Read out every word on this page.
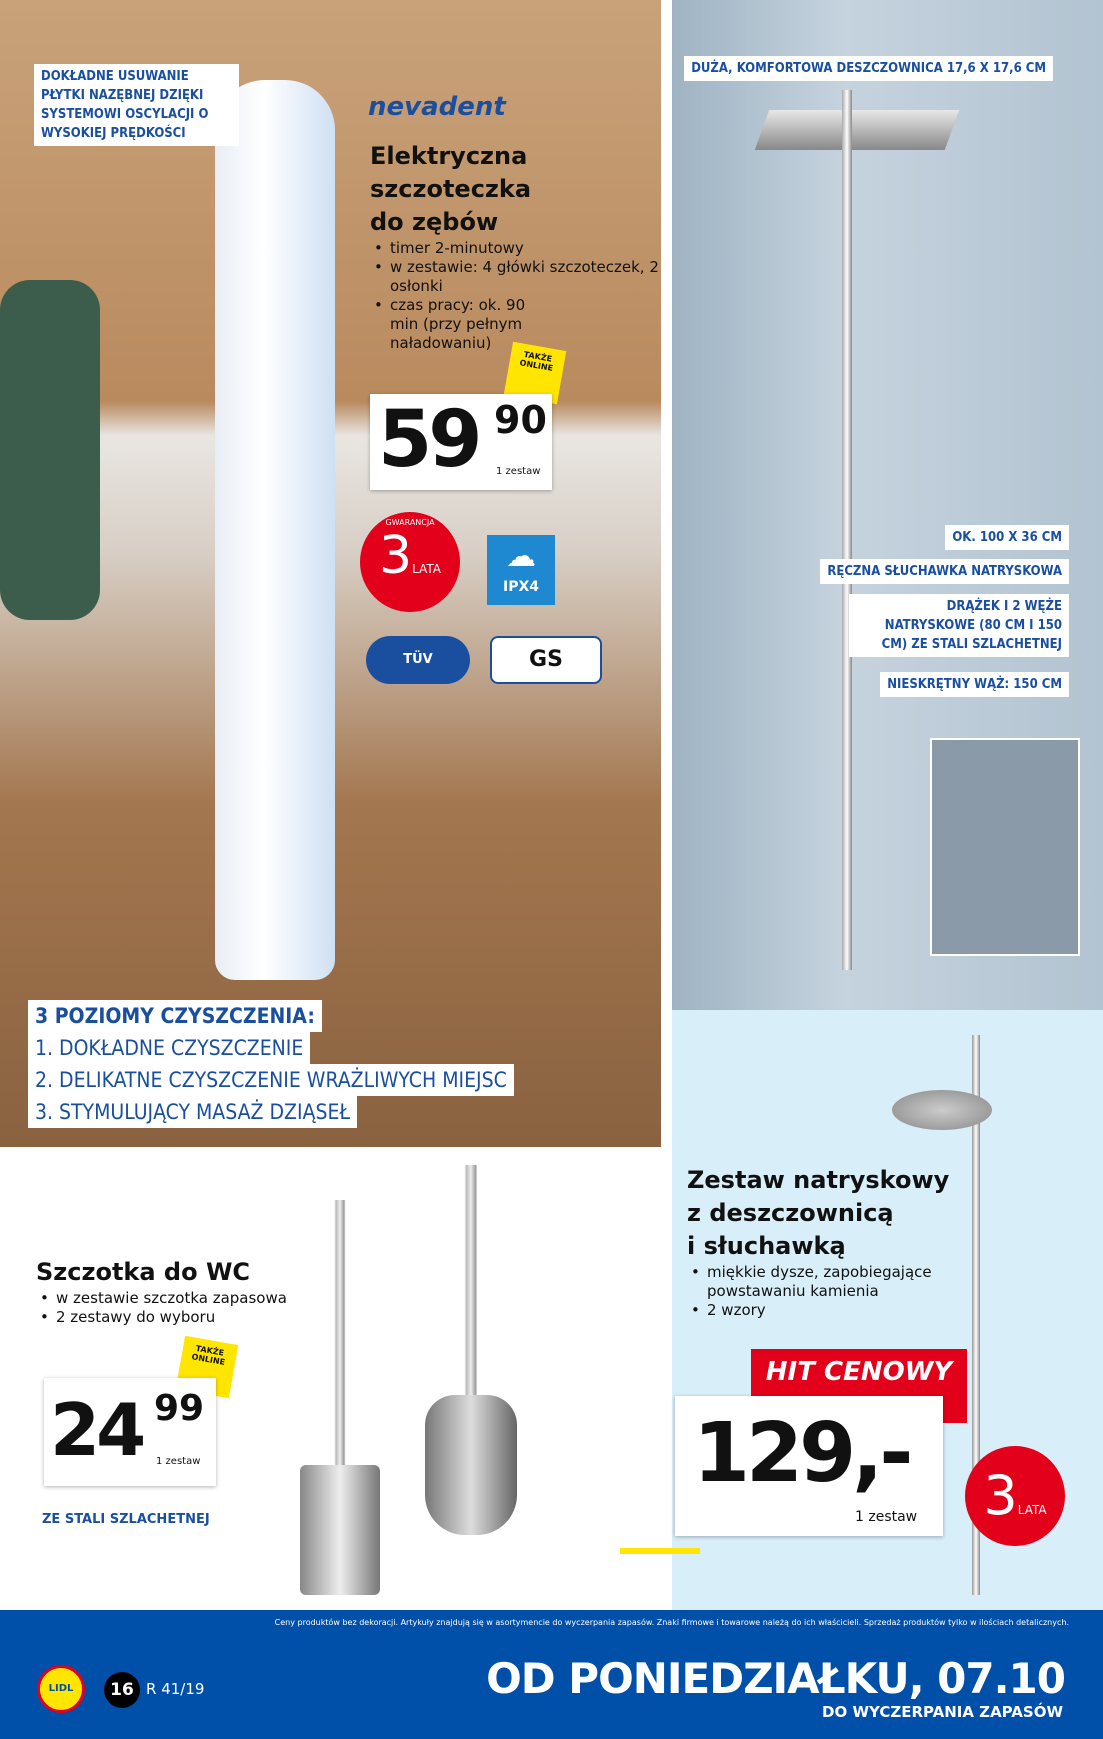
DOKŁADNE USUWANIE PŁYTKI NAZĘBNEJ DZIĘKI SYSTEMOWI OSCYLACJI O WYSOKIEJ PRĘDKOŚCI
nevadent
Elektryczna
szczoteczka
do zębów
• timer 2-minutowy
• w zestawie: 4 główki szczoteczek, 2 osłonki
• czas pracy: ok. 90 min (przy pełnym naładowaniu)
TAKŻE ONLINE
59 90
1 zestaw
GWARANCJA
3LATA	☁
IPX4
TÜV	GS
3 POZIOMY CZYSZCZENIA:
1. DOKŁADNE CZYSZCZENIE
2. DELIKATNE CZYSZCZENIE WRAŻLIWYCH MIEJSC
3. STYMULUJĄCY MASAŻ DZIĄSEŁ
DUŻA, KOMFORTOWA DESZCZOWNICA 17,6 X 17,6 CM
OK. 100 X 36 CM
RĘCZNA SŁUCHAWKA NATRYSKOWA
DRĄŻEK I 2 WĘŻE NATRYSKOWE (80 CM I 150 CM) ZE STALI SZLACHETNEJ
NIESKRĘTNY WĄŻ: 150 CM
Zestaw natryskowy
z deszczownicą
i słuchawką
• miękkie dysze, zapobiegające powstawaniu kamienia
• 2 wzory
HIT CENOWY
129,-
1 zestaw	3LATA
Szczotka do WC
• w zestawie szczotka zapasowa
• 2 zestawy do wyboru
TAKŻE ONLINE
24 99
1 zestaw
ZE STALI SZLACHETNEJ
Ceny produktów bez dekoracji. Artykuły znajdują się w asortymencie do wyczerpania zapasów. Znaki firmowe i towarowe należą do ich właścicieli. Sprzedaż produktów tylko w ilościach detalicznych.
LIDL	16 R 41/19	OD PONIEDZIAŁKU, 07.10
DO WYCZERPANIA ZAPASÓW
